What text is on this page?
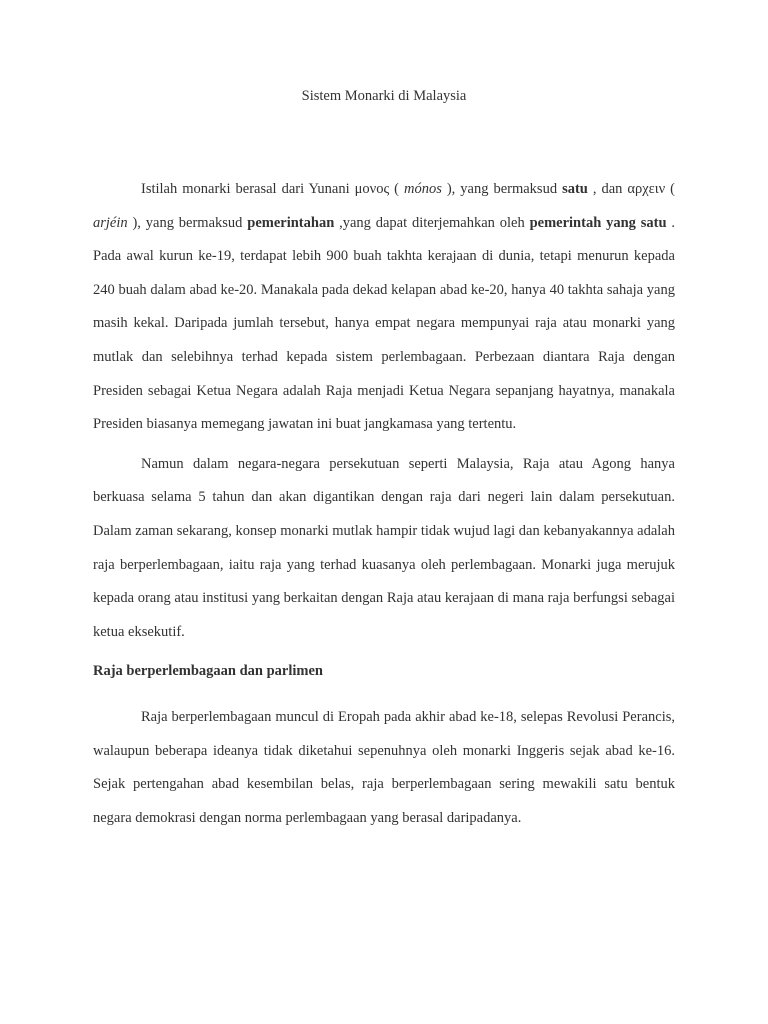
Sistem Monarki di Malaysia

Istilah monarki berasal dari Yunani μονος ( mónos ), yang bermaksud satu , dan αρχειν ( arjéin ), yang bermaksud pemerintahan ,yang dapat diterjemahkan oleh pemerintah yang satu . Pada awal kurun ke-19, terdapat lebih 900 buah takhta kerajaan di dunia, tetapi menurun kepada 240 buah dalam abad ke-20. Manakala pada dekad kelapan abad ke-20, hanya 40 takhta sahaja yang masih kekal. Daripada jumlah tersebut, hanya empat negara mempunyai raja atau monarki yang mutlak dan selebihnya terhad kepada sistem perlembagaan. Perbezaan diantara Raja dengan Presiden sebagai Ketua Negara adalah Raja menjadi Ketua Negara sepanjang hayatnya, manakala Presiden biasanya memegang jawatan ini buat jangkamasa yang tertentu.

Namun dalam negara-negara persekutuan seperti Malaysia, Raja atau Agong hanya berkuasa selama 5 tahun dan akan digantikan dengan raja dari negeri lain dalam persekutuan. Dalam zaman sekarang, konsep monarki mutlak hampir tidak wujud lagi dan kebanyakannya adalah raja berperlembagaan, iaitu raja yang terhad kuasanya oleh perlembagaan. Monarki juga merujuk kepada orang atau institusi yang berkaitan dengan Raja atau kerajaan di mana raja berfungsi sebagai ketua eksekutif.

Raja berperlembagaan dan parlimen

Raja berperlembagaan muncul di Eropah pada akhir abad ke-18, selepas Revolusi Perancis, walaupun beberapa ideanya tidak diketahui sepenuhnya oleh monarki Inggeris sejak abad ke-16. Sejak pertengahan abad kesembilan belas, raja berperlembagaan sering mewakili satu bentuk negara demokrasi dengan norma perlembagaan yang berasal daripadanya.
